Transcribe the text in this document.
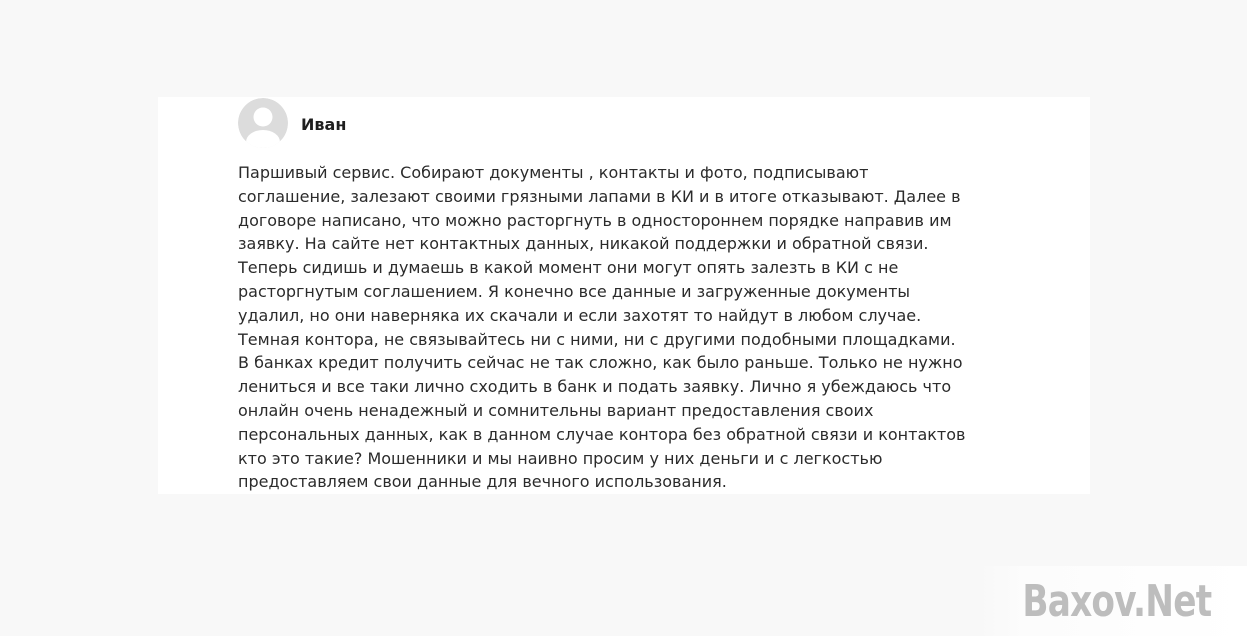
Иван

Паршивый сервис. Собирают документы , контакты и фото, подписывают соглашение, залезают своими грязными лапами в КИ и в итоге отказывают. Далее в договоре написано, что можно расторгнуть в одностороннем порядке направив им заявку. На сайте нет контактных данных, никакой поддержки и обратной связи. Теперь сидишь и думаешь в какой момент они могут опять залезть в КИ с не расторгнутым соглашением. Я конечно все данные и загруженные документы удалил, но они наверняка их скачали и если захотят то найдут в любом случае.

Темная контора, не связывайтесь ни с ними, ни с другими подобными площадками. В банках кредит получить сейчас не так сложно, как было раньше. Только не нужно лениться и все таки лично сходить в банк и подать заявку. Лично я убеждаюсь что онлайн очень ненадежный и сомнительны вариант предоставления своих персональных данных, как в данном случае контора без обратной связи и контактов кто это такие? Мошенники и мы наивно просим у них деньги и с легкостью предоставляем свои данные для вечного использования.

Baxov.Net
